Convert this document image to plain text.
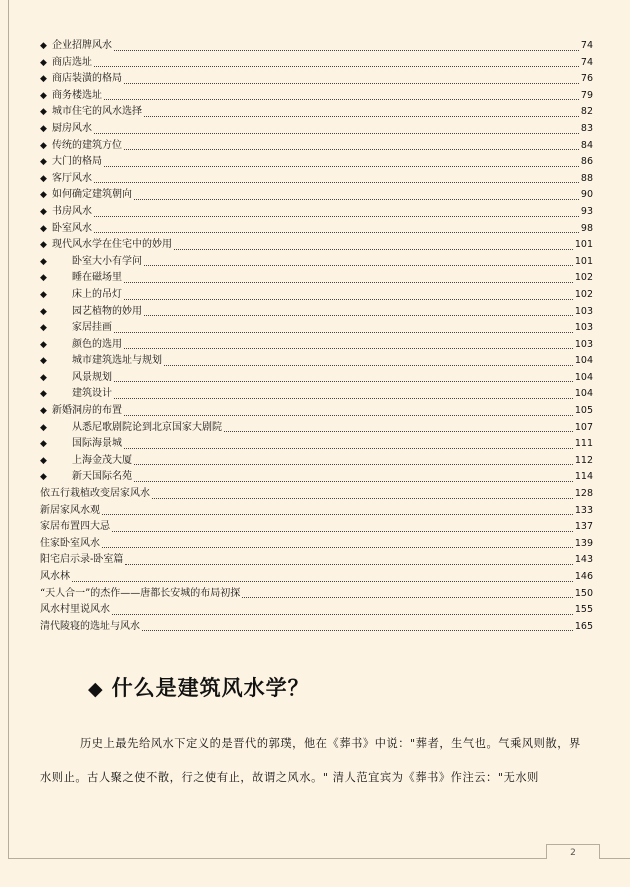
◆ 企业招牌风水	74
◆ 商店选址	74
◆ 商店装潢的格局	76
◆ 商务楼选址	79
◆ 城市住宅的风水选择	82
◆ 厨房风水	83
◆ 传统的建筑方位	84
◆ 大门的格局	86
◆ 客厅风水	88
◆ 如何确定建筑朝向	90
◆ 书房风水	93
◆ 卧室风水	98
◆ 现代风水学在住宅中的妙用	101
◆	卧室大小有学问	101
◆	睡在磁场里	102
◆	床上的吊灯	102
◆	园艺植物的妙用	103
◆	家居挂画	103
◆	颜色的选用	103
◆	城市建筑选址与规划	104
◆	风景规划	104
◆	建筑设计	104
◆ 新婚洞房的布置	105
◆	从悉尼歌剧院论到北京国家大剧院	107
◆	国际海景城	111
◆	上海金茂大厦	112
◆	新天国际名苑	114
依五行栽植改变居家风水	128
新居家风水观	133
家居布置四大忌	137
住家卧室风水	139
阳宅启示录-卧室篇	143
风水林	146
“天人合一”的杰作——唐都长安城的布局初探	150
风水村里说风水	155
清代陵寝的选址与风水	165
◆ 什么是建筑风水学？

历史上最先给风水下定义的是晋代的郭璞，他在《葬书》中说："葬者，生气也。气乘风则散，界水则止。古人聚之使不散，行之使有止，故谓之风水。" 清人范宜宾为《葬书》作注云："无水则

2
